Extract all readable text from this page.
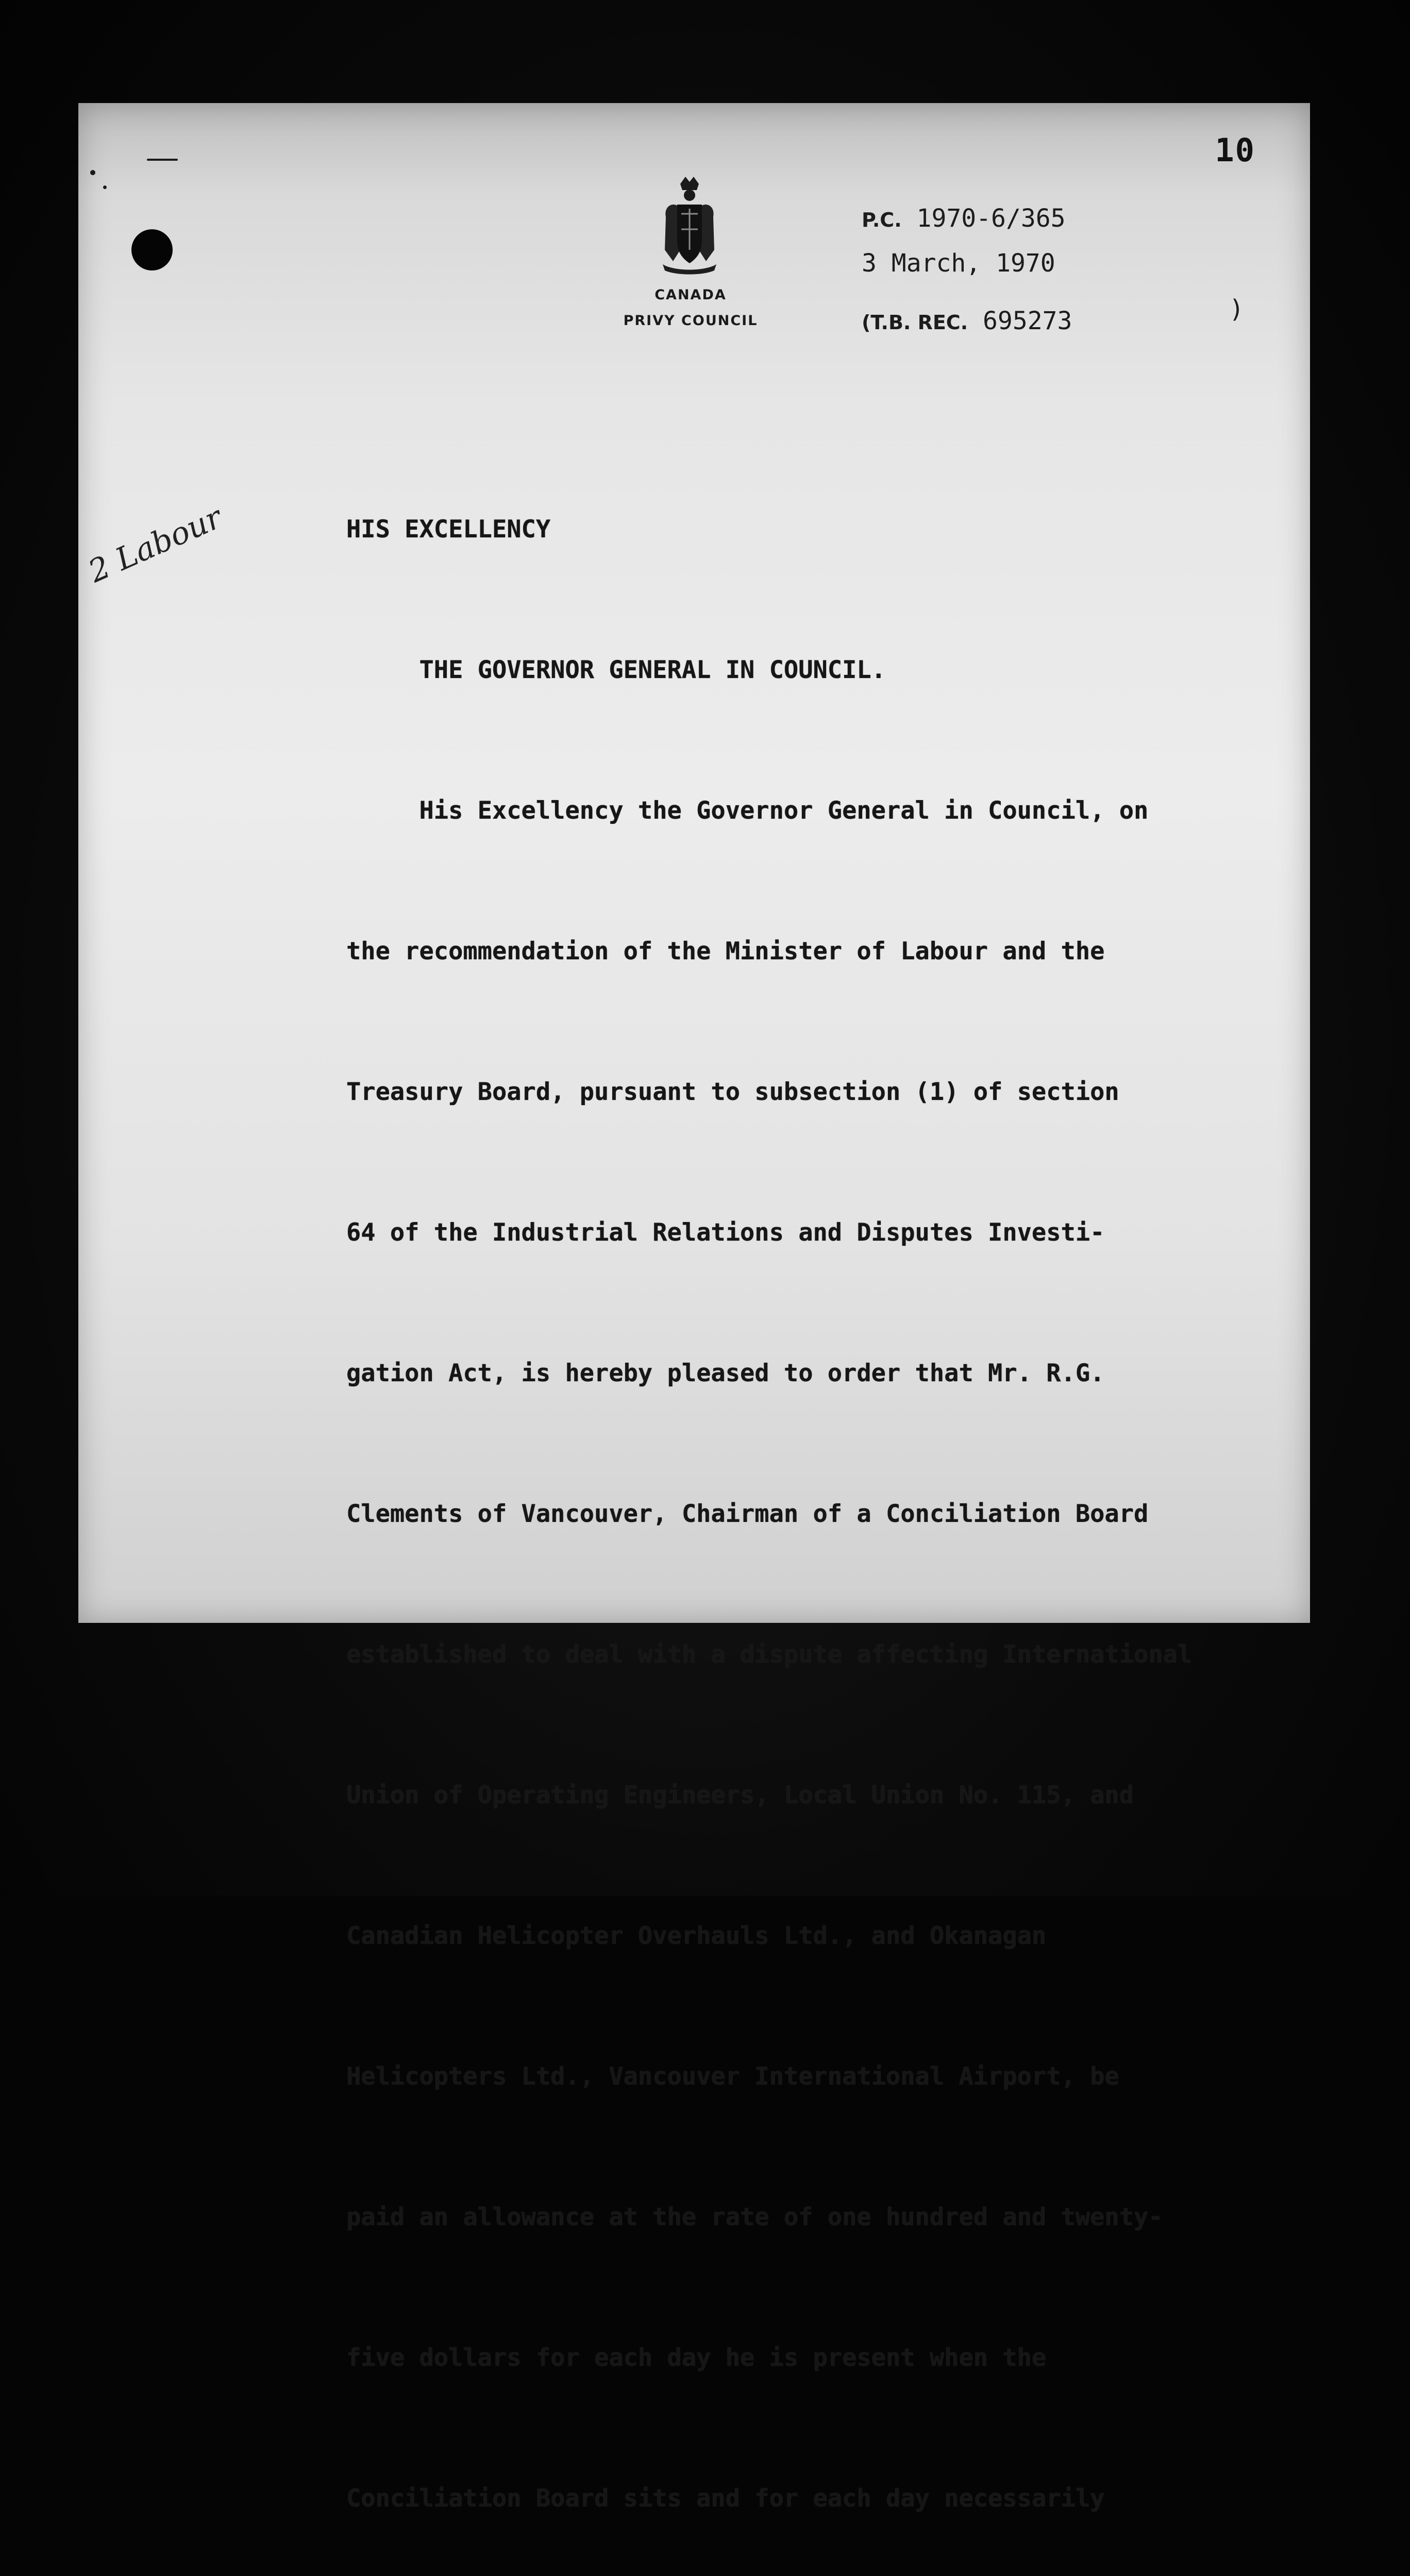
10
CANADA
PRIVY COUNCIL
P.C. 1970-6/365
3 March, 1970
(T.B. REC. 695273	)
2 Labour

	HIS EXCELLENCY

THE GOVERNOR GENERAL IN COUNCIL.

His Excellency the Governor General in Council, on

the recommendation of the Minister of Labour and the

Treasury Board, pursuant to subsection (1) of section

64 of the Industrial Relations and Disputes Investi-

gation Act, is hereby pleased to order that Mr. R.G.

Clements of Vancouver, Chairman of a Conciliation Board

established to deal with a dispute affecting International

Union of Operating Engineers, Local Union No. 115, and

Canadian Helicopter Overhauls Ltd., and Okanagan

Helicopters Ltd., Vancouver International Airport, be

paid an allowance at the rate of one hundred and twenty-

five dollars for each day he is present when the

Conciliation Board sits and for each day necessarily
